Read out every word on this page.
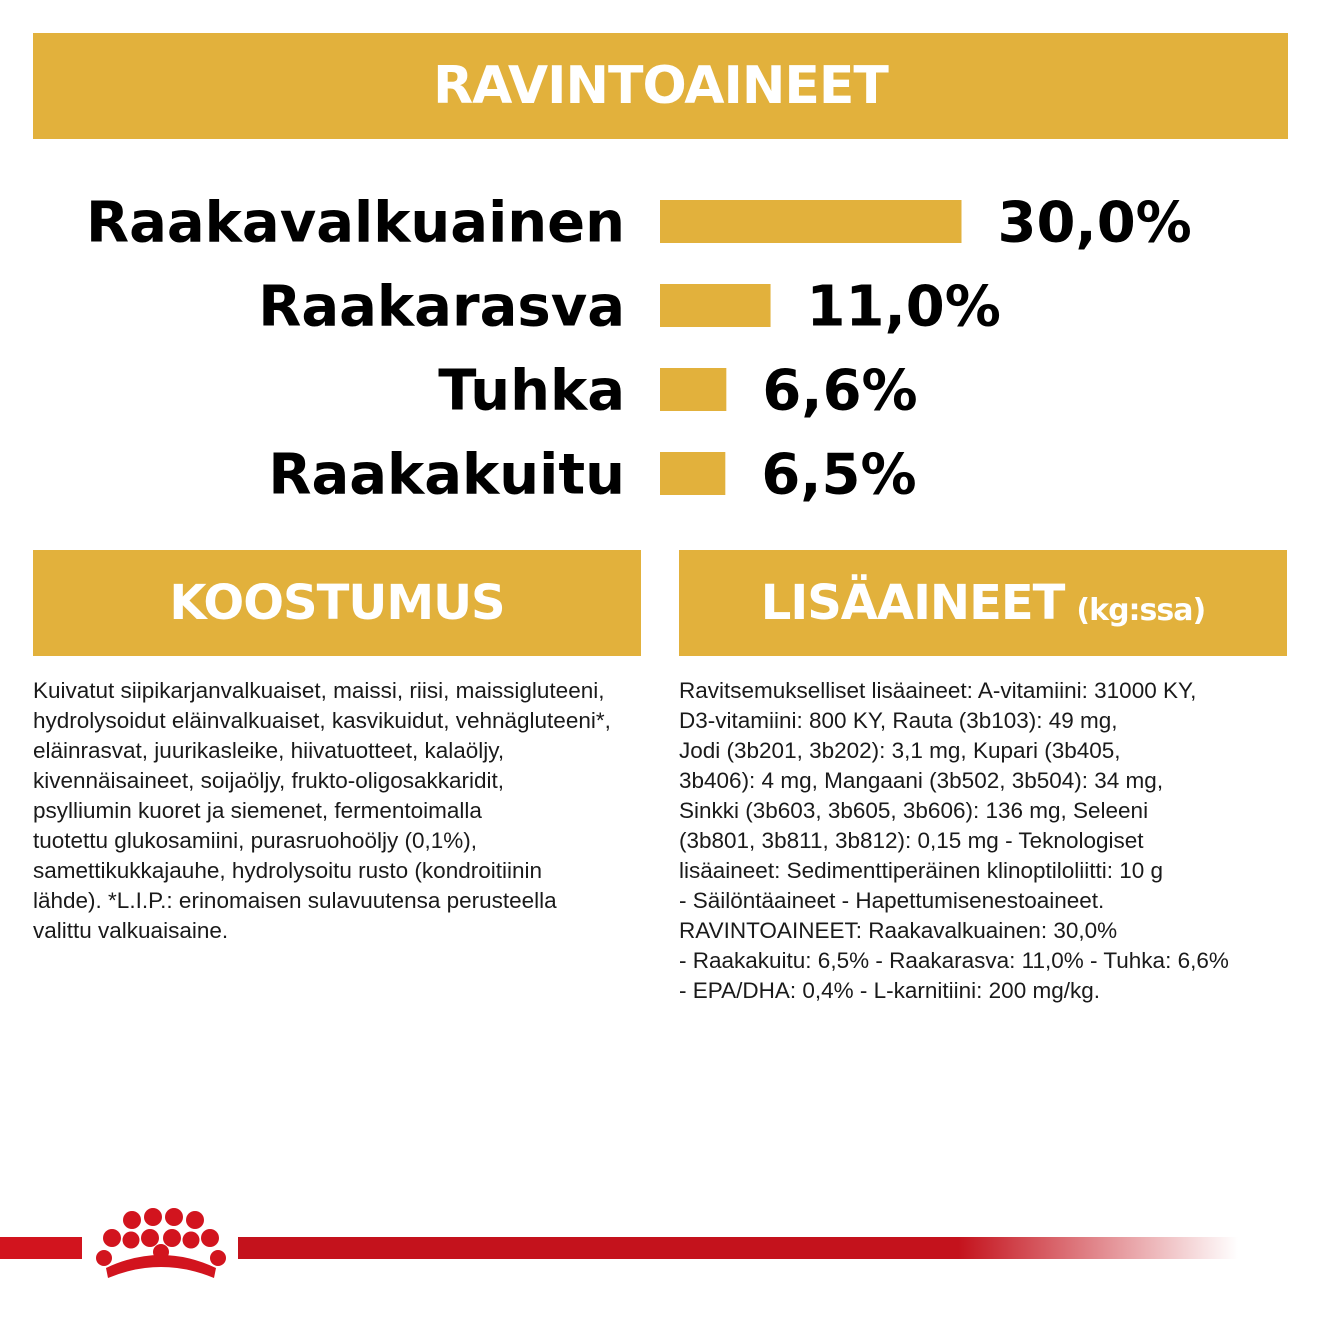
RAVINTOAINEET
Raakavalkuainen	30,0%
Raakarasva	11,0%
Tuhka 6,6%
Raakakuitu 6,5%
KOOSTUMUS	LISÄAINEET (kg:ssa)
Kuivatut siipikarjanvalkuaiset, maissi, riisi, maissigluteeni,
hydrolysoidut eläinvalkuaiset, kasvikuidut, vehnägluteeni*,
eläinrasvat, juurikasleike, hiivatuotteet, kalaöljy,
kivennäisaineet, soijaöljy, frukto-oligosakkaridit,
psylliumin kuoret ja siemenet, fermentoimalla
tuotettu glukosamiini, purasruohoöljy (0,1%),
samettikukkajauhe, hydrolysoitu rusto (kondroitiinin
lähde). *L.I.P.: erinomaisen sulavuutensa perusteella
valittu valkuaisaine.
Ravitsemukselliset lisäaineet: A-vitamiini: 31000 KY,
D3-vitamiini: 800 KY, Rauta (3b103): 49 mg,
Jodi (3b201, 3b202): 3,1 mg, Kupari (3b405,
3b406): 4 mg, Mangaani (3b502, 3b504): 34 mg,
Sinkki (3b603, 3b605, 3b606): 136 mg, Seleeni
(3b801, 3b811, 3b812): 0,15 mg - Teknologiset
lisäaineet: Sedimenttiperäinen klinoptiloliitti: 10 g
- Säilöntäaineet - Hapettumisenestoaineet.
RAVINTOAINEET: Raakavalkuainen: 30,0%
- Raakakuitu: 6,5% - Raakarasva: 11,0% - Tuhka: 6,6%
- EPA/DHA: 0,4% - L-karnitiini: 200 mg/kg.
